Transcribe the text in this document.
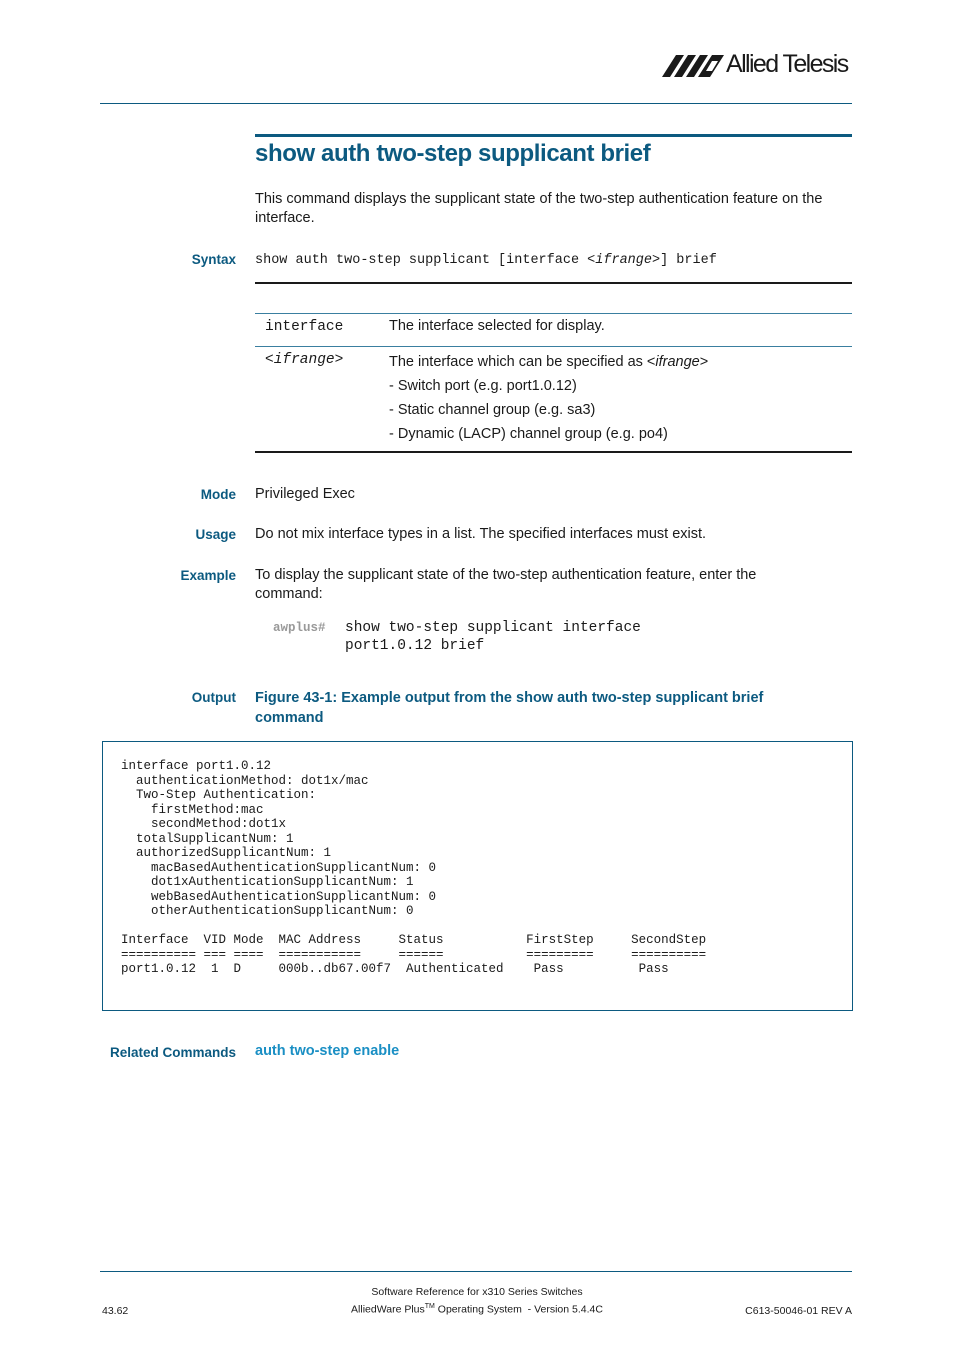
Allied Telesis
show auth two-step supplicant brief
This command displays the supplicant state of the two-step authentication feature on the interface.
Syntax show auth two-step supplicant [interface <ifrange>] brief
interface	The interface selected for display.
<ifrange>	The interface which can be specified as <ifrange>
- Switch port (e.g. port1.0.12)
- Static channel group (e.g. sa3)
- Dynamic (LACP) channel group (e.g. po4)
Mode Privileged Exec
Usage Do not mix interface types in a list. The specified interfaces must exist.
Example To display the supplicant state of the two-step authentication feature, enter the command:
awplus# show two-step supplicant interface
port1.0.12 brief
Output Figure 43-1: Example output from the show auth two-step supplicant brief command
interface port1.0.12
authenticationMethod: dot1x/mac
Two-Step Authentication:
firstMethod:mac
secondMethod:dot1x
totalSupplicantNum: 1
authorizedSupplicantNum: 1
macBasedAuthenticationSupplicantNum: 0
dot1xAuthenticationSupplicantNum: 1
webBasedAuthenticationSupplicantNum: 0
otherAuthenticationSupplicantNum: 0

Interface  VID Mode  MAC Address     Status           FirstStep     SecondStep
========== === ====  ===========     ======           =========     ==========
port1.0.12  1  D     000b..db67.00f7  Authenticated    Pass          Pass
Related Commands auth two-step enable
Software Reference for x310 Series Switches
AlliedWare Plus™ Operating System  - Version 5.4.4C
43.62	C613-50046-01 REV A
